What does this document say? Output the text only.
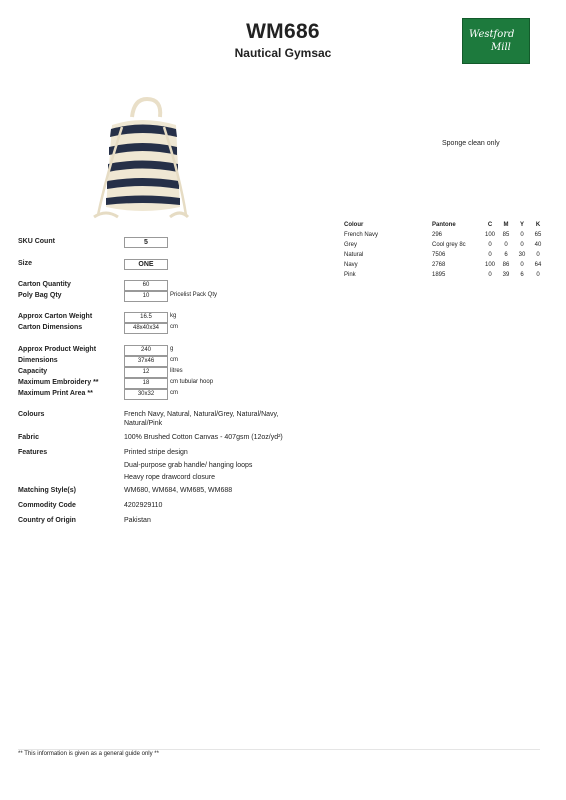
WM686
Nautical Gymsac
Westford
Mill
Sponge clean only
Colour	Pantone	C	M	Y	K
French Navy	296	100	85	0	65
Grey	Cool grey 8c	0	0	0	40
Natural	7506	0	6	30	0
Navy	2768	100	86	0	64
Pink	1895	0	39	6	0
SKU Count	5
Size	ONE
Carton Quantity	60
Poly Bag Qty	10	Pricelist Pack Qty
Approx Carton Weight	16.5	kg
Carton Dimensions	48x40x34	cm
Approx Product Weight	240	g
Dimensions	37x46	cm
Capacity	12	litres
Maximum Embroidery **	18	cm tubular hoop
Maximum Print Area **	30x32	cm
Colours	French Navy, Natural, Natural/Grey, Natural/Navy,
Natural/Pink
Fabric	100% Brushed Cotton Canvas - 407gsm (12oz/yd²)
Features	Printed stripe design
Dual-purpose grab handle/ hanging loops
Heavy rope drawcord closure
Matching Style(s)	WM680, WM684, WM685, WM688
Commodity Code	4202929110
Country of Origin	Pakistan
** This information is given as a general guide only **
